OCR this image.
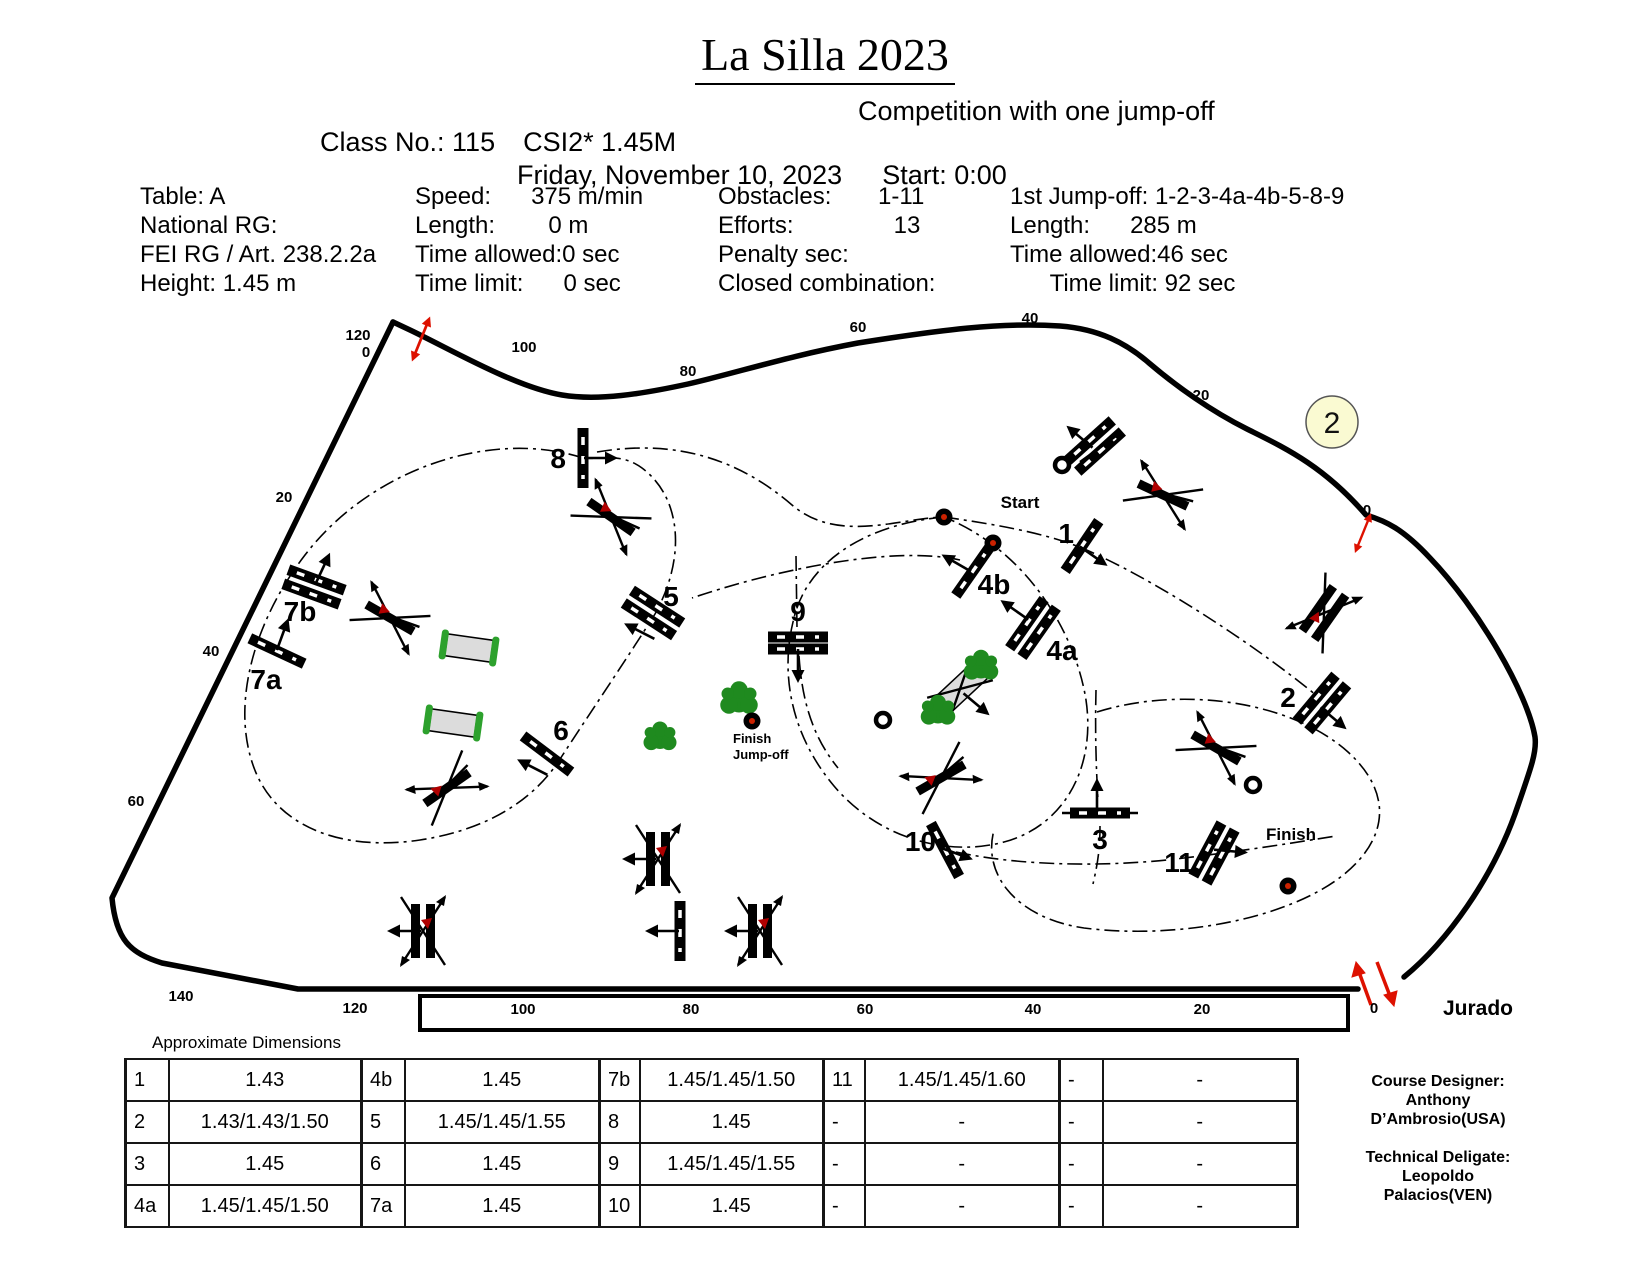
La Silla 2023

Class No.: 115 CSI2* 1.45M

Competition with one jump-off

Friday, November 10, 2023 Start: 0:00

Table: A
National RG:
FEI RG / Art. 238.2.2a
Height: 1.45 m
Speed:      375 m/min
Length:        0 m
Time allowed:0 sec
Time limit:      0 sec
Obstacles:       1-11
Efforts:               13
Penalty sec:
Closed combination:
1st Jump-off: 1-2-3-4a-4b-5-8-9
Length:      285 m
Time allowed:46 sec
Time limit: 92 sec
2
8
7b
7a
5
6
9
1
4b
4a
2
3
10
11
Start
Finish
Finish
Jump-off
Jurado
120
0	100
80
60
40
20
0
20
40
60
140
120	100	80	60	40	20	0
Approximate Dimensions
1	1.43	4b	1.45	7b	1.45/1.45/1.50	11	1.45/1.45/1.60	-	-
2	1.43/1.43/1.50	5	1.45/1.45/1.55	8	1.45	-	-	-	-
3	1.45	6	1.45	9	1.45/1.45/1.55	-	-	-	-
4a	1.45/1.45/1.50	7a	1.45	10	1.45	-	-	-	-
Course Designer:
Anthony
D’Ambrosio(USA)
Technical Deligate:
Leopoldo
Palacios(VEN)
